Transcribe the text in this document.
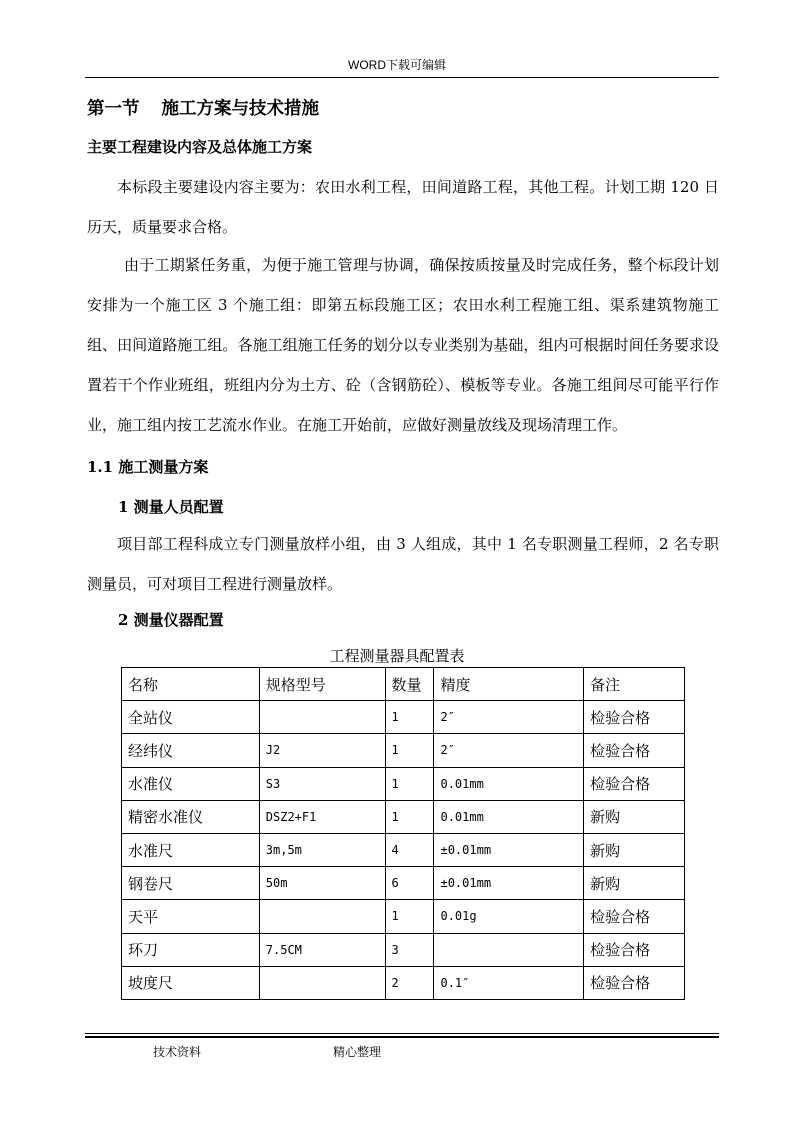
WORD下载可编辑
第一节 施工方案与技术措施
主要工程建设内容及总体施工方案

本标段主要建设内容主要为：农田水利工程，田间道路工程，其他工程。计划工期 120 日历天，质量要求合格。

由于工期紧任务重，为便于施工管理与协调，确保按质按量及时完成任务，整个标段计划安排为一个施工区 3 个施工组：即第五标段施工区；农田水利工程施工组、渠系建筑物施工组、田间道路施工组。各施工组施工任务的划分以专业类别为基础，组内可根据时间任务要求设置若干个作业班组，班组内分为土方、砼（含钢筋砼）、模板等专业。各施工组间尽可能平行作业，施工组内按工艺流水作业。在施工开始前，应做好测量放线及现场清理工作。

1.1 施工测量方案
1 测量人员配置

项目部工程科成立专门测量放样小组，由 3 人组成，其中 1 名专职测量工程师，2 名专职测量员，可对项目工程进行测量放样。

2 测量仪器配置
工程测量器具配置表
名称	规格型号	数量	精度	备注
全站仪		1	2″	检验合格
经纬仪	J2	1	2″	检验合格
水准仪	S3	1	0.01mm	检验合格
精密水准仪	DSZ2+F1	1	0.01mm	新购
水准尺	3m,5m	4	±0.01mm	新购
钢卷尺	50m	6	±0.01mm	新购
天平		1	0.01g	检验合格
环刀	7.5CM	3		检验合格
坡度尺		2	0.1″	检验合格
技术资料	精心整理
